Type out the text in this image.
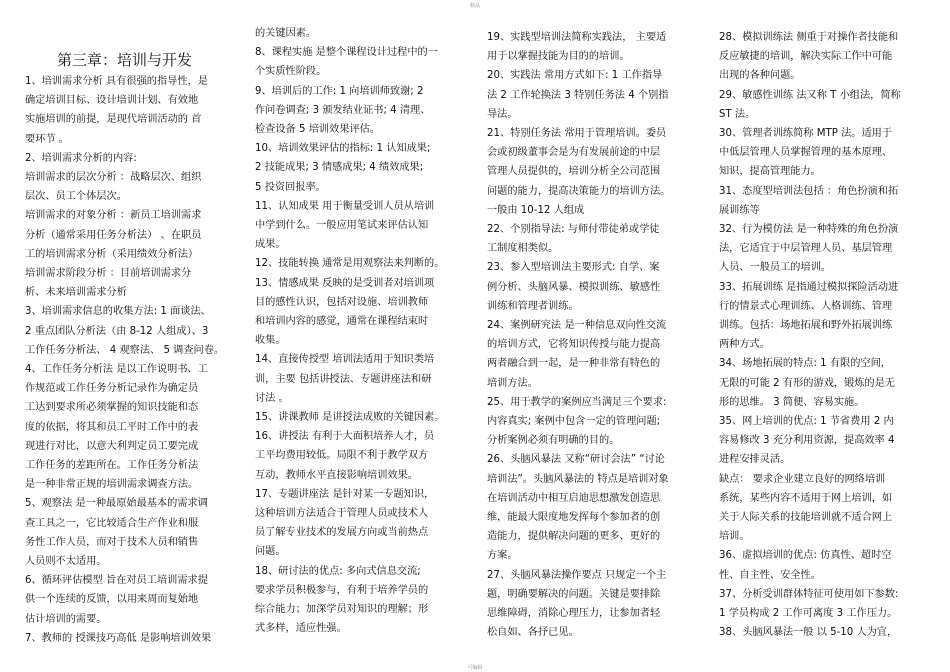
精品

第三章：培训与开发

1、培训需求分析 具有很强的指导性，是

确定培训目标、设计培训计划、有效地

实施培训的前提，是现代培训活动的 首

要环节 。

2、培训需求分析的内容:

培训需求的层次分析 ：战略层次、组织

层次、员工个体层次。

培训需求的对象分析 ：新员工培训需求

分析（通常采用任务分析法） 、在职员

工的培训需求分析（采用绩效分析法）

培训需求阶段分析 ：目前培训需求分

析、未来培训需求分析

3、培训需求信息的收集方法: 1 面谈法、

2 重点团队分析法（由 8-12 人组成）、3

工作任务分析法、 4 观察法、 5 调查问卷。

4、工作任务分析法 是以工作说明书、工

作规范或工作任务分析记录作为确定员

工达到要求所必须掌握的知识技能和态

度的依据，将其和员工平时工作中的表

现进行对比，以意大利判定员工要完成

工作任务的差距所在。工作任务分析法

是一种非常正规的培训需求调查方法。

5、观察法 是一种最原始最基本的需求调

查工具之一，它比较适合生产作业和服

务性工作人员，而对于技术人员和销售

人员则不太适用。

6、循环评估模型 旨在对员工培训需求提

供一个连续的反馈，以用来周而复始地

估计培训的需要。

7、教师的 授课技巧高低 是影响培训效果

的关键因素。

8、课程实施 是整个课程设计过程中的一

个实质性阶段。

9、培训后的工作: 1 向培训师致谢; 2

作问卷调查; 3 颁发结业证书; 4 清理、

检查设备 5 培训效果评估。

10、培训效果评估的指标: 1 认知成果;

2 技能成果; 3 情感成果; 4 绩效成果;

5 投资回报率。

11、认知成果 用于衡量受训人员从培训

中学到什么。一般应用笔试来评估认知

成果。

12、技能转换 通常是用观察法来判断的。

13、情感成果 反映的是受训者对培训项

目的感性认识，包括对设施、培训教师

和培训内容的感觉，通常在课程结束时

收集。

14、直接传授型 培训法适用于知识类培

训，主要 包括讲授法、专题讲座法和研

讨法 。

15、讲课教师 是讲授法成败的关键因素。

16、讲授法 有利于大面积培养人才，员

工平均费用较低。局限不利于教学双方

互动，教师水平直接影响培训效果。

17、专题讲座法 是针对某一专题知识，

这种培训方法适合于管理人员或技术人

员了解专业技术的发展方向或当前热点

问题。

18、研讨法的优点: 多向式信息交流;

要求学员积极参与，有利于培养学员的

综合能力；加深学员对知识的理解；形

式多样，适应性强。

19、实践型培训法简称实践法， 主要适

用于以掌握技能为目的的培训。

20、实践法 常用方式如下: 1 工作指导

法 2 工作轮换法 3 特别任务法 4 个别指

导法。

21、特别任务法 常用于管理培训。委员

会或初级董事会是为有发展前途的中层

管理人员提供的，培训分析全公司范围

问题的能力，提高决策能力的培训方法。

一般由 10-12 人组成

22、个别指导法: 与师付带徒弟或学徒

工制度相类似。

23、参入型培训法主要形式: 自学、案

例分析、头脑风暴、模拟训练、敏感性

训练和管理者训练。

24、案例研究法 是一种信息双向性交流

的培训方式，它将知识传授与能力提高

两者融合到一起，是一种非常有特色的

培训方法。

25、用于教学的案例应当满足三个要求:

内容真实; 案例中包含一定的管理问题;

分析案例必须有明确的目的。

26、头脑风暴法 又称“研讨会法” “讨论

培训法”。头脑风暴法的 特点是培训对象

在培训活动中相互启迪思想激发创造思

维，能最大限度地发挥每个参加者的创

造能力，提供解决问题的更多、更好的

方案。

27、头脑风暴法操作要点 只规定一个主

题，明确要解决的问题。关键是要排除

思维障碍，消除心理压力，让参加者轻

松自如、各抒已见。

28、模拟训练法 侧重于对操作者技能和

反应敏捷的培训，解决实际工作中可能

出现的各种问题。

29、敏感性训练 法又称 T 小组法，简称

ST 法。

30、管理者训练简称 MTP 法。适用于

中低层管理人员掌握管理的基本原理、

知识，提高管理能力。

31、态度型培训法包括 ：角色扮演和拓

展训练等

32、行为模仿法 是一种特殊的角色扮演

法，它适宜于中层管理人员、基层管理

人员、一般员工的培训。

33、拓展训练 是指通过模拟探险活动进

行的情景式心理训练、人格训练、管理

训练。包括：场地拓展和野外拓展训练

两种方式。

34、场地拓展的特点: 1 有限的空间，

无限的可能 2 有形的游戏，锻炼的是无

形的思维。 3 简便、容易实施。

35、网上培训的优点: 1 节省费用 2 内

容易修改 3 充分利用资源，提高效率 4

进程安排灵活。

缺点： 要求企业建立良好的网络培训

系统，某些内容不适用于网上培训，如

关于人际关系的技能培训就不适合网上

培训。

36、虚拟培训的优点: 仿真性、超时空

性、自主性、安全性。

37、分析受训群体特征可使用如下参数:

1 学员构成 2 工作可离度 3 工作压力。

38、头脑风暴法一般 以 5-10 人为宜，

可编辑
